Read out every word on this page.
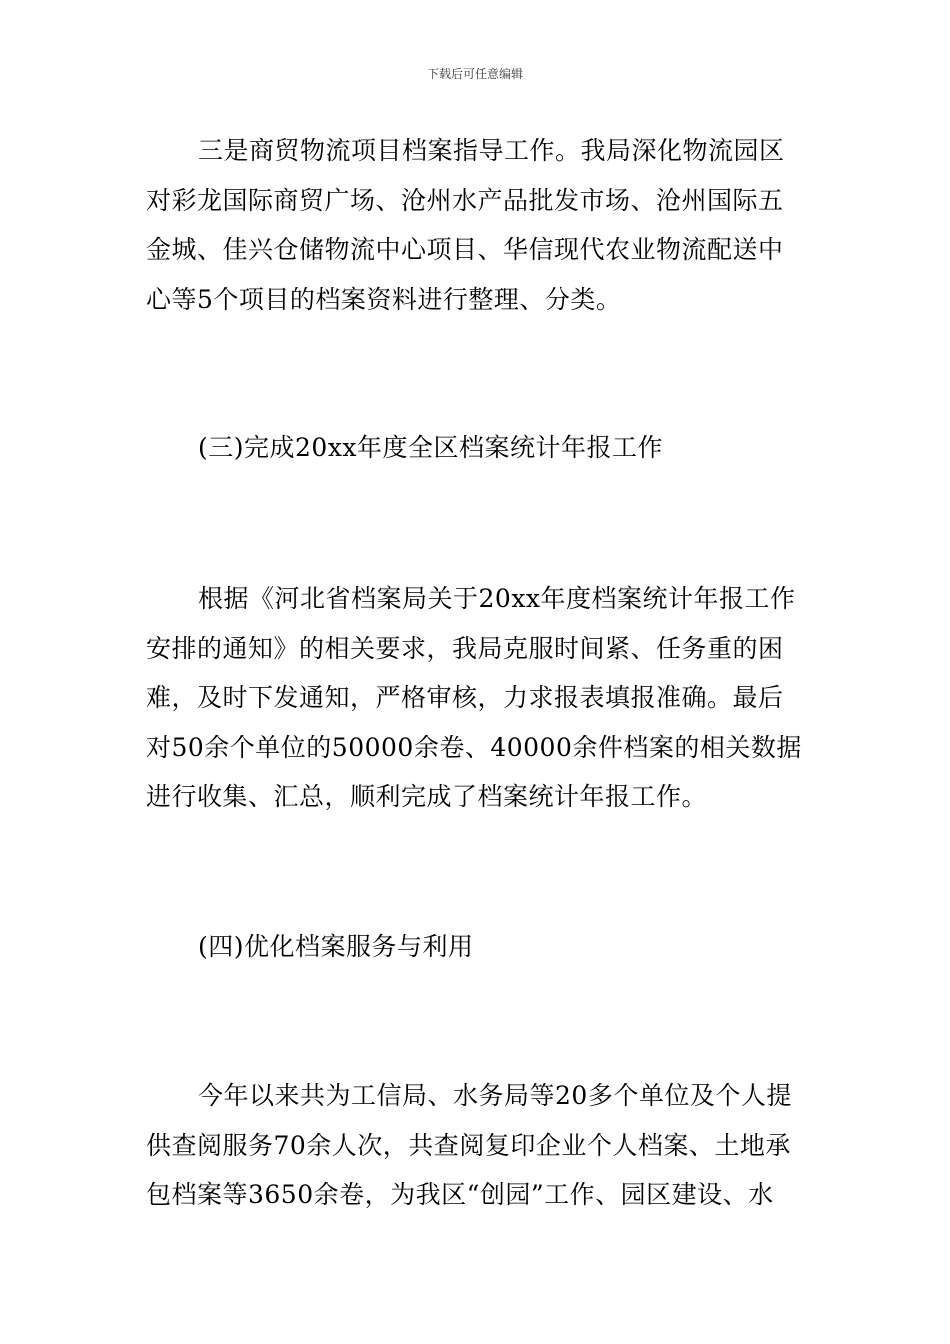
下载后可任意编辑
三是商贸物流项目档案指导工作。我局深化物流园区
对彩龙国际商贸广场、沧州水产品批发市场、沧州国际五
金城、佳兴仓储物流中心项目、华信现代农业物流配送中
心等5个项目的档案资料进行整理、分类。
(三)完成20xx年度全区档案统计年报工作
根据《河北省档案局关于20xx年度档案统计年报工作
安排的通知》的相关要求，我局克服时间紧、任务重的困
难，及时下发通知，严格审核，力求报表填报准确。最后
对50余个单位的50000余卷、40000余件档案的相关数据
进行收集、汇总，顺利完成了档案统计年报工作。
(四)优化档案服务与利用
今年以来共为工信局、水务局等20多个单位及个人提
供查阅服务70余人次，共查阅复印企业个人档案、土地承
包档案等3650余卷，为我区“创园”工作、园区建设、水
